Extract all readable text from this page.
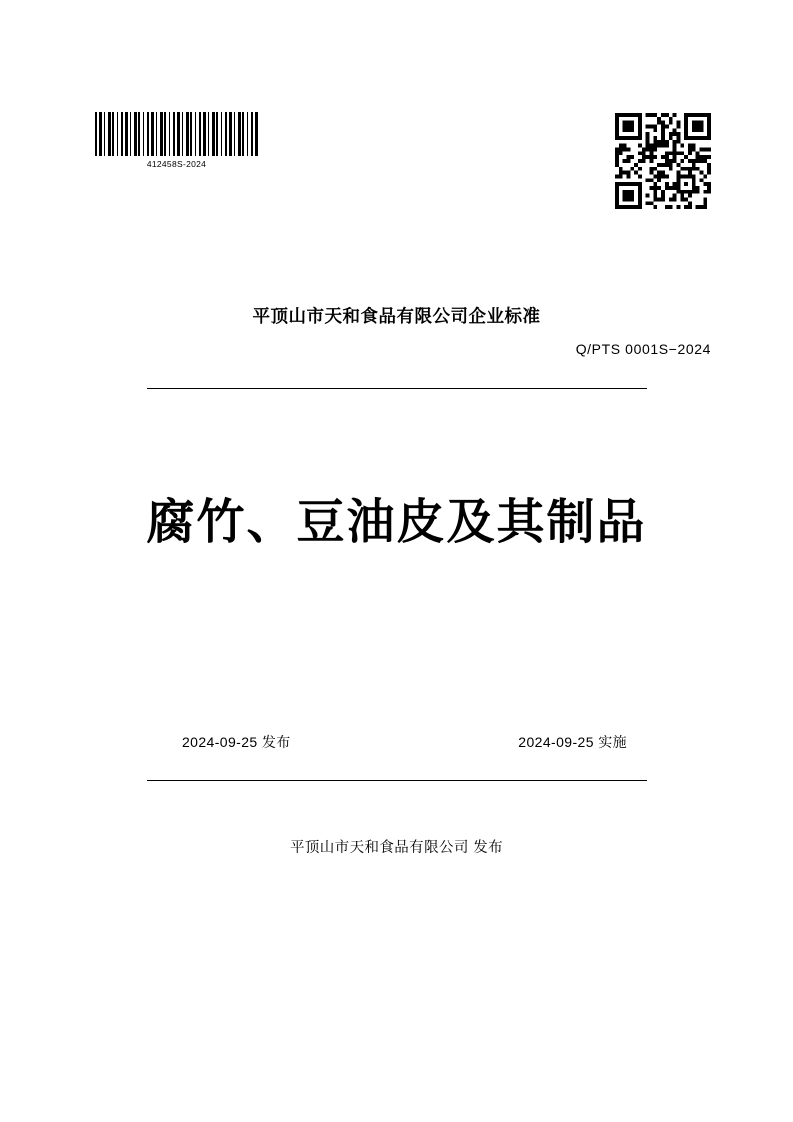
412458S-2024
平顶山市天和食品有限公司企业标准
Q/PTS 0001S−2024
腐竹、豆油皮及其制品
2024-09-25 发布	2024-09-25 实施
平顶山市天和食品有限公司 发布
